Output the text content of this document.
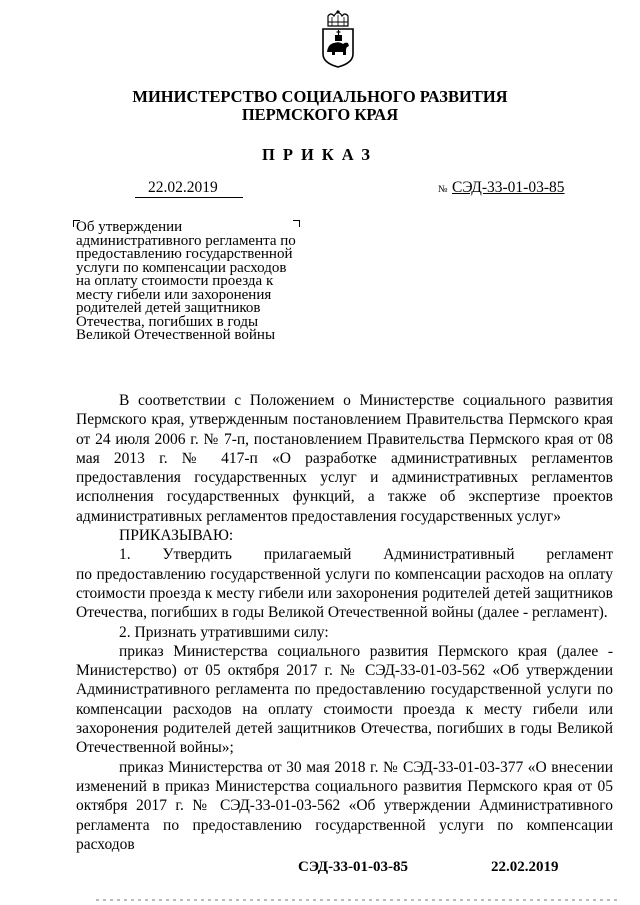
МИНИСТЕРСТВО СОЦИАЛЬНОГО РАЗВИТИЯ
ПЕРМСКОГО КРАЯ
ПРИКАЗ
22.02.2019	№ СЭД-33-01-03-85
Об утверждении
административного регламента по
предоставлению государственной
услуги по компенсации расходов
на оплату стоимости проезда к
месту гибели или захоронения
родителей детей защитников
Отечества, погибших в годы
Великой Отечественной войны

В соответствии с Положением о Министерстве социального развития Пермского края, утвержденным постановлением Правительства Пермского края от 24 июля 2006 г. № 7-п, постановлением Правительства Пермского края от 08 мая 2013 г. № 417-п «О разработке административных регламентов предоставления государственных услуг и административных регламентов исполнения государственных функций, а также об экспертизе проектов административных регламентов предоставления государственных услуг»

ПРИКАЗЫВАЮ:

1. Утвердить прилагаемый Административный регламент

по предоставлению государственной услуги по компенсации расходов на оплату стоимости проезда к месту гибели или захоронения родителей детей защитников Отечества, погибших в годы Великой Отечественной войны (далее - регламент).

2. Признать утратившими силу:

приказ Министерства социального развития Пермского края (далее - Министерство) от 05 октября 2017 г. № СЭД-33-01-03-562 «Об утверждении Административного регламента по предоставлению государственной услуги по компенсации расходов на оплату стоимости проезда к месту гибели или захоронения родителей детей защитников Отечества, погибших в годы Великой Отечественной войны»;

приказ Министерства от 30 мая 2018 г. № СЭД-33-01-03-377 «О внесении изменений в приказ Министерства социального развития Пермского края от 05 октября 2017 г. № СЭД-33-01-03-562 «Об утверждении Административного регламента по предоставлению государственной услуги по компенсации расходов

СЭД-33-01-03-85	22.02.2019
